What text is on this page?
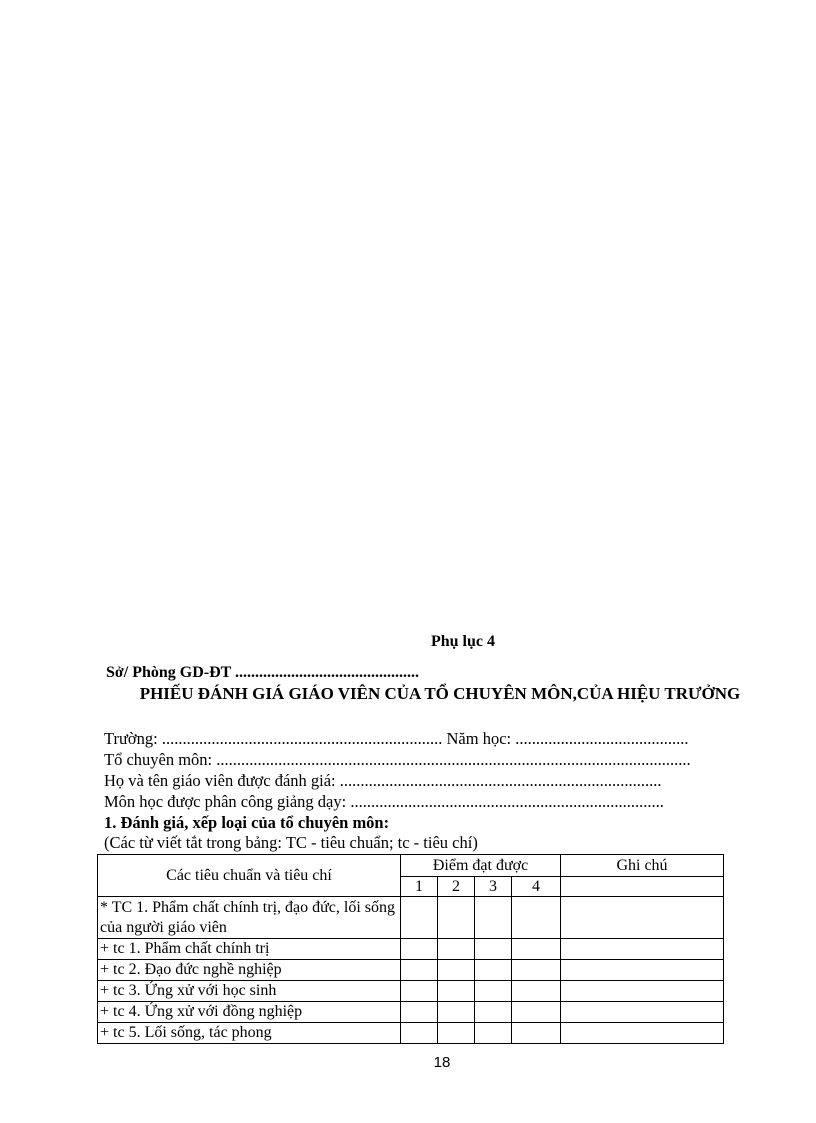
Phụ lục 4
Sở/ Phòng GD-ĐT ..............................................
PHIẾU ĐÁNH GIÁ GIÁO VIÊN CỦA TỔ CHUYÊN MÔN,CỦA HIỆU TRƯỞNG
Trường: .................................................................... Năm học: ..........................................
Tổ chuyên môn: ...................................................................................................................
Họ và tên giáo viên được đánh giá: ..............................................................................
Môn học được phân công giảng dạy: ............................................................................
1. Đánh giá, xếp loại của tổ chuyên môn:
(Các từ viết tắt trong bảng: TC - tiêu chuẩn; tc - tiêu chí)
Các tiêu chuẩn và tiêu chí	Điểm đạt được				Ghi chú
	1	2	3	4	
* TC 1. Phẩm chất chính trị, đạo đức, lối sống của người giáo viên					
+ tc 1. Phẩm chất chính trị					
+ tc 2. Đạo đức nghề nghiệp					
+ tc 3. Ứng xử với học sinh					
+ tc 4. Ứng xử với đồng nghiệp					
+ tc 5. Lối sống, tác phong					
18
